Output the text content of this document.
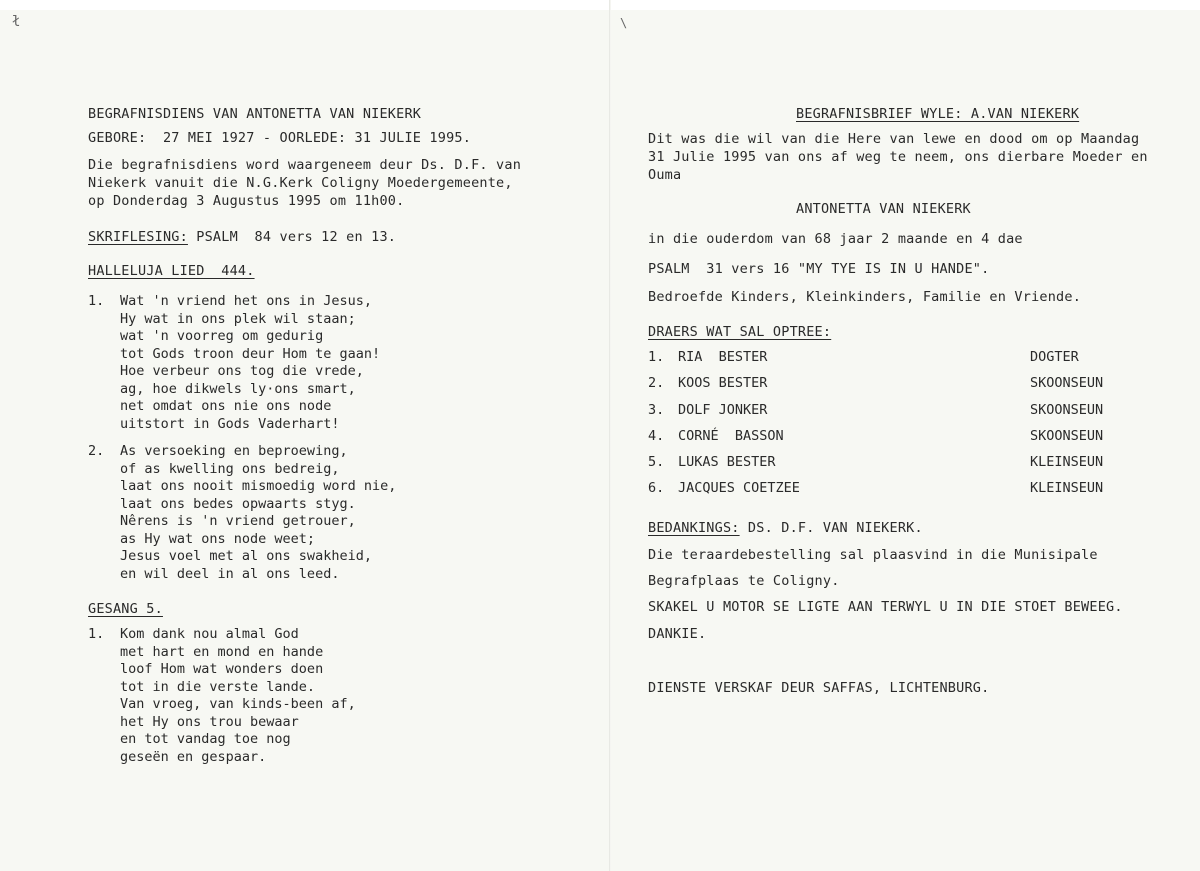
ł	\
BEGRAFNISDIENS VAN ANTONETTA VAN NIEKERK
GEBORE:  27 MEI 1927 - OORLEDE: 31 JULIE 1995.
Die begrafnisdiens word waargeneem deur Ds. D.F. van
Niekerk vanuit die N.G.Kerk Coligny Moedergemeente,
op Donderdag 3 Augustus 1995 om 11h00.
SKRIFLESING: PSALM  84 vers 12 en 13.
HALLELUJA LIED  444.
1. Wat 'n vriend het ons in Jesus,
Hy wat in ons plek wil staan;
wat 'n voorreg om gedurig
tot Gods troon deur Hom te gaan!
Hoe verbeur ons tog die vrede,
ag, hoe dikwels ly·ons smart,
net omdat ons nie ons node
uitstort in Gods Vaderhart!
2. As versoeking en beproewing,
of as kwelling ons bedreig,
laat ons nooit mismoedig word nie,
laat ons bedes opwaarts styg.
Nêrens is 'n vriend getrouer,
as Hy wat ons node weet;
Jesus voel met al ons swakheid,
en wil deel in al ons leed.
GESANG 5.
1. Kom dank nou almal God
met hart en mond en hande
loof Hom wat wonders doen
tot in die verste lande.
Van vroeg, van kinds-been af,
het Hy ons trou bewaar
en tot vandag toe nog
geseën en gespaar.
BEGRAFNISBRIEF WYLE: A.VAN NIEKERK
Dit was die wil van die Here van lewe en dood om op Maandag
31 Julie 1995 van ons af weg te neem, ons dierbare Moeder en
Ouma
ANTONETTA VAN NIEKERK
in die ouderdom van 68 jaar 2 maande en 4 dae
PSALM  31 vers 16 "MY TYE IS IN U HANDE".
Bedroefde Kinders, Kleinkinders, Familie en Vriende.
DRAERS WAT SAL OPTREE:
1. RIA  BESTER	DOGTER
2. KOOS BESTER	SKOONSEUN
3. DOLF JONKER	SKOONSEUN
4. CORNÉ  BASSON	SKOONSEUN
5. LUKAS BESTER	KLEINSEUN
6. JACQUES COETZEE	KLEINSEUN
BEDANKINGS: DS. D.F. VAN NIEKERK.
Die teraardebestelling sal plaasvind in die Munisipale
Begrafplaas te Coligny.
SKAKEL U MOTOR SE LIGTE AAN TERWYL U IN DIE STOET BEWEEG.
DANKIE.
DIENSTE VERSKAF DEUR SAFFAS, LICHTENBURG.
